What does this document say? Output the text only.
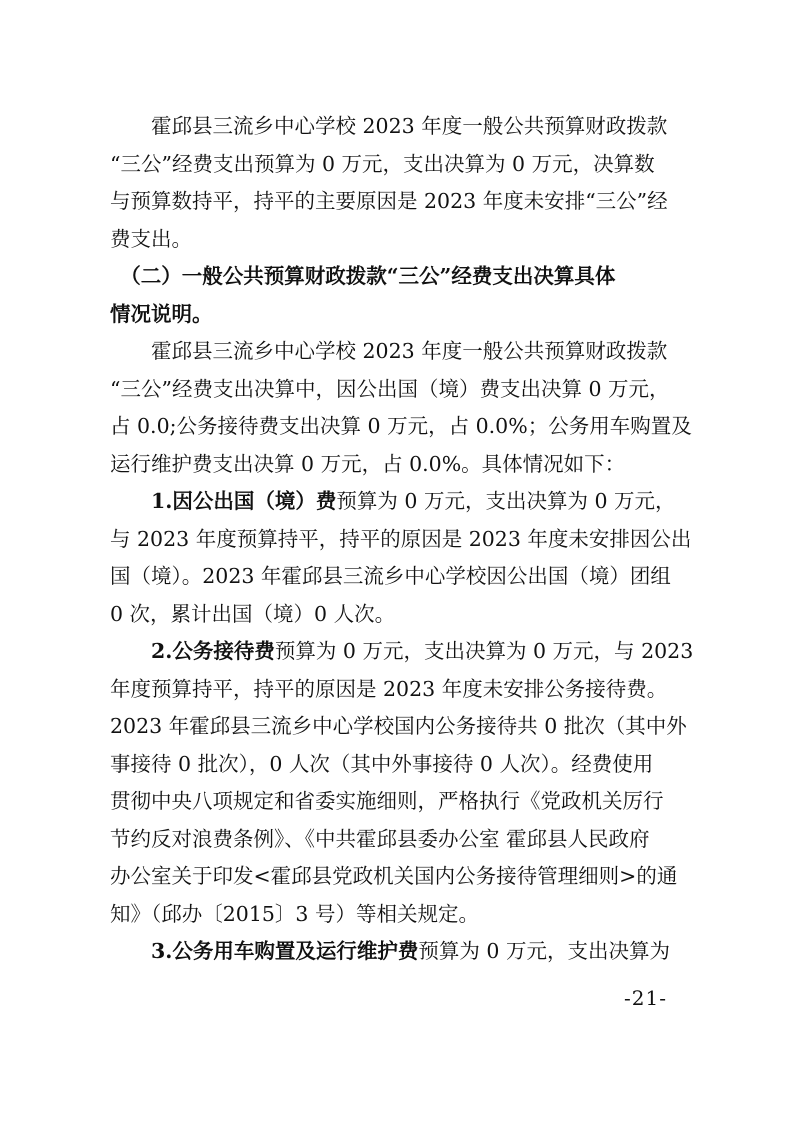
　　霍邱县三流乡中心学校 2023 年度一般公共预算财政拨款
“三公”经费支出预算为 0 万元，支出决算为 0 万元，决算数
与预算数持平，持平的主要原因是 2023 年度未安排“三公”经
费支出。
　（二）一般公共预算财政拨款“三公”经费支出决算具体
情况说明。
　　霍邱县三流乡中心学校 2023 年度一般公共预算财政拨款
“三公”经费支出决算中，因公出国（境）费支出决算 0 万元，
占 0.0;公务接待费支出决算 0 万元，占 0.0%；公务用车购置及
运行维护费支出决算 0 万元，占 0.0%。具体情况如下：
　　1.因公出国（境）费预算为 0 万元，支出决算为 0 万元，
与 2023 年度预算持平，持平的原因是 2023 年度未安排因公出
国（境）。2023 年霍邱县三流乡中心学校因公出国（境）团组
0 次，累计出国（境）0 人次。
　　2.公务接待费预算为 0 万元，支出决算为 0 万元，与 2023
年度预算持平，持平的原因是 2023 年度未安排公务接待费。
2023 年霍邱县三流乡中心学校国内公务接待共 0 批次（其中外
事接待 0 批次），0 人次（其中外事接待 0 人次）。经费使用
贯彻中央八项规定和省委实施细则，严格执行《党政机关厉行
节约反对浪费条例》、《中共霍邱县委办公室 霍邱县人民政府
办公室关于印发<霍邱县党政机关国内公务接待管理细则>的通
知》（邱办〔2015〕3 号）等相关规定。
　　3.公务用车购置及运行维护费预算为 0 万元，支出决算为
-21-
